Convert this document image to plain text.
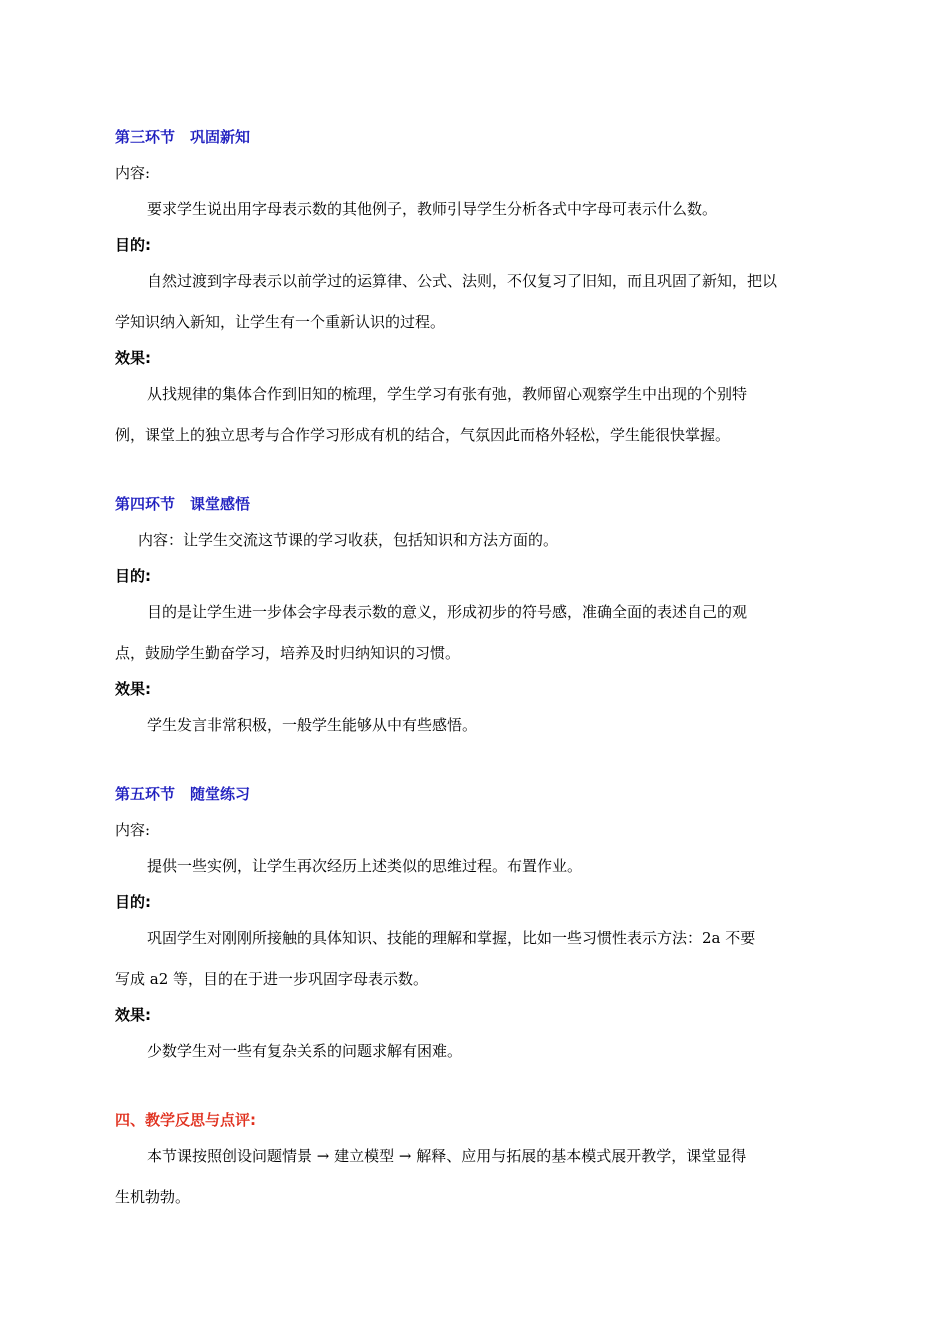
第三环节　巩固新知
内容:
要求学生说出用字母表示数的其他例子，教师引导学生分析各式中字母可表示什么数。
目的:
自然过渡到字母表示以前学过的运算律、公式、法则，不仅复习了旧知，而且巩固了新知，把以
学知识纳入新知，让学生有一个重新认识的过程。
效果:
从找规律的集体合作到旧知的梳理，学生学习有张有弛，教师留心观察学生中出现的个别特
例，课堂上的独立思考与合作学习形成有机的结合，气氛因此而格外轻松，学生能很快掌握。
第四环节　课堂感悟
内容：让学生交流这节课的学习收获，包括知识和方法方面的。
目的:
目的是让学生进一步体会字母表示数的意义，形成初步的符号感，准确全面的表述自己的观
点，鼓励学生勤奋学习，培养及时归纳知识的习惯。
效果:
学生发言非常积极，一般学生能够从中有些感悟。
第五环节　随堂练习
内容:
提供一些实例，让学生再次经历上述类似的思维过程。布置作业。
目的:
巩固学生对刚刚所接触的具体知识、技能的理解和掌握，比如一些习惯性表示方法：2a 不要
写成 a2 等，目的在于进一步巩固字母表示数。
效果:
少数学生对一些有复杂关系的问题求解有困难。
四、教学反思与点评:
本节课按照创设问题情景 → 建立模型 → 解释、应用与拓展的基本模式展开教学，课堂显得
生机勃勃。
